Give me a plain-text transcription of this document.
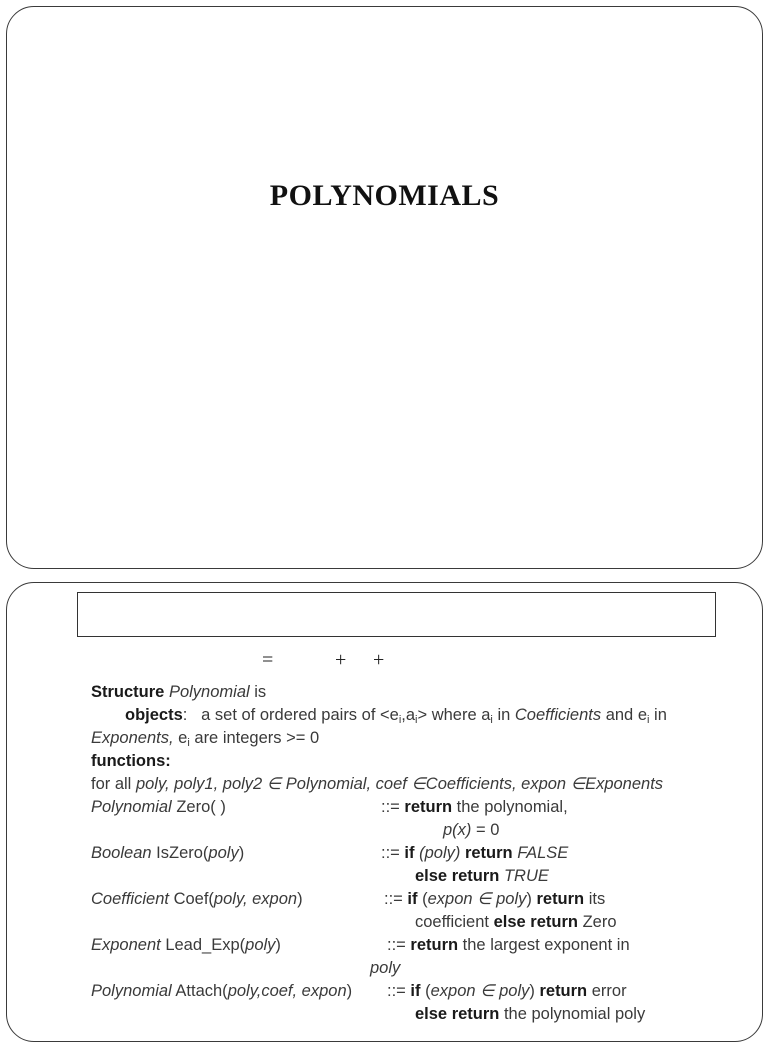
POLYNOMIALS
=	+ +
Structure Polynomial is
objects: a set of ordered pairs of $<e_i,a_i>$ where $a_i$ in Coefficients and $e_i$ in
Exponents, $e_i$ are integers >= 0
functions:
for all poly, poly1, poly2 ∈ Polynomial, coef ∈Coefficients, expon ∈Exponents
Polynomial Zero( )	::= return the polynomial,
p(x) = 0
Boolean IsZero(poly)	::= if (poly) return FALSE
else return TRUE
Coefficient Coef(poly, expon)	::= if (expon ∈ poly) return its
coefficient else return Zero
Exponent Lead_Exp(poly)	::= return the largest exponent in
poly
Polynomial Attach(poly,coef, expon) ::= if (expon ∈ poly) return error
else return the polynomial poly
